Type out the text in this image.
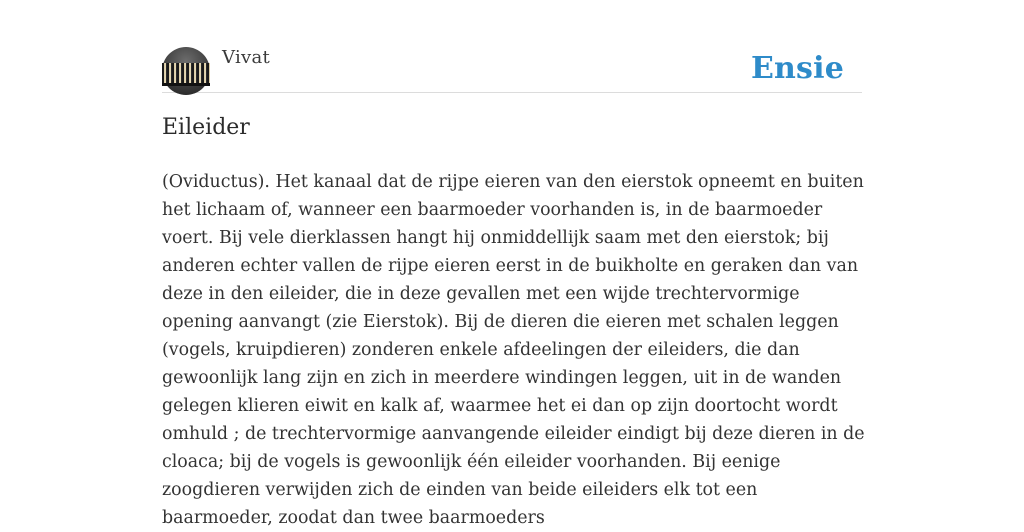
Vivat	Ensie
Eileider

(Oviductus). Het kanaal dat de rijpe eieren van den eierstok opneemt en buiten het lichaam of, wanneer een baarmoeder voorhanden is, in de baarmoeder voert. Bij vele dierklassen hangt hij onmiddellijk saam met den eierstok; bij anderen echter vallen de rijpe eieren eerst in de buikholte en geraken dan van deze in den eileider, die in deze gevallen met een wijde trechtervormige opening aanvangt (zie Eierstok). Bij de dieren die eieren met schalen leggen (vogels, kruipdieren) zonderen enkele afdeelingen der eileiders, die dan gewoonlijk lang zijn en zich in meerdere windingen leggen, uit in de wanden gelegen klieren eiwit en kalk af, waarmee het ei dan op zijn doortocht wordt omhuld ; de trechtervormige aanvangende eileider eindigt bij deze dieren in de cloaca; bij de vogels is gewoonlijk één eileider voorhanden. Bij eenige zoogdieren verwijden zich de einden van beide eileiders elk tot een baarmoeder, zoodat dan twee baarmoeders
